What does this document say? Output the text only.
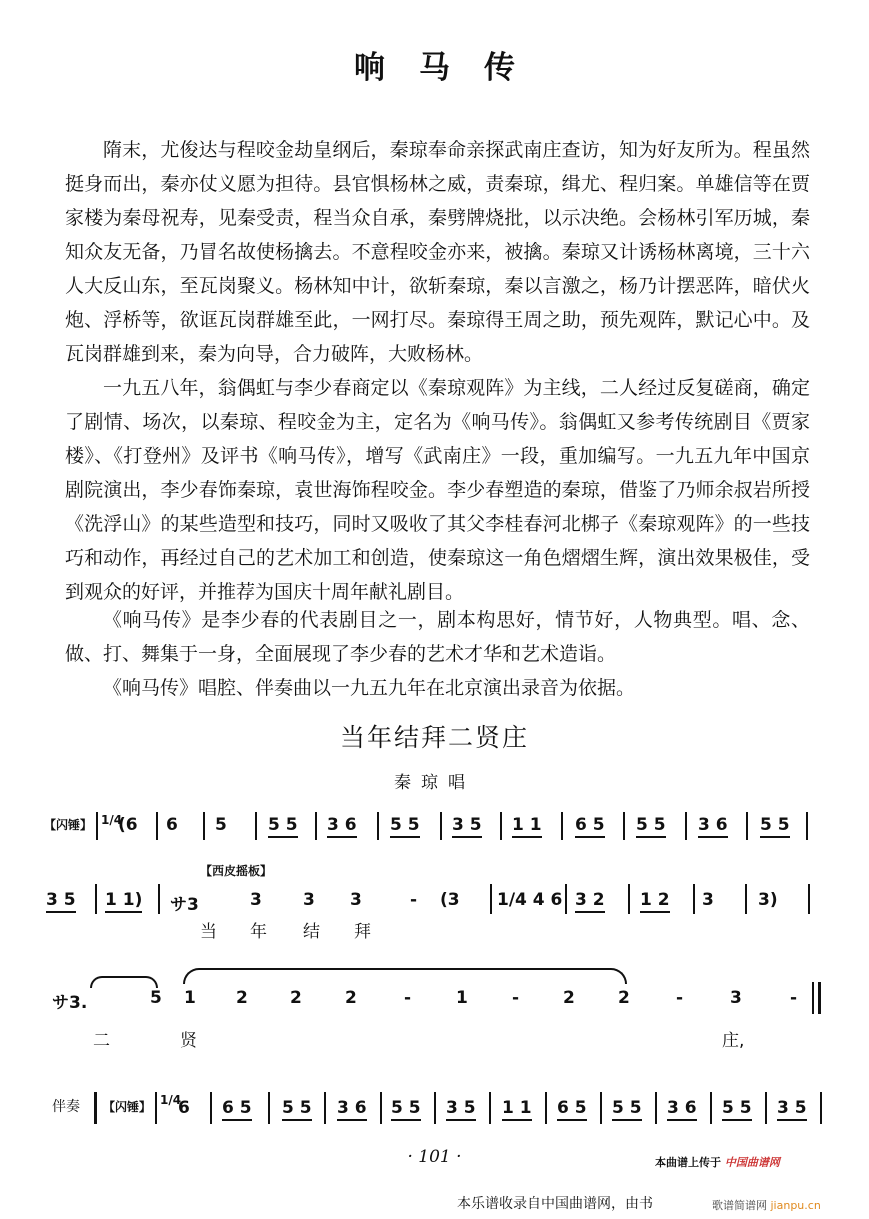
响马传

隋末，尤俊达与程咬金劫皇纲后，秦琼奉命亲探武南庄查访，知为好友所为。程虽然挺身而出，秦亦仗义愿为担待。县官惧杨林之威，责秦琼，缉尤、程归案。单雄信等在贾家楼为秦母祝寿，见秦受责，程当众自承，秦劈牌烧批，以示决绝。会杨林引军历城，秦知众友无备，乃冒名故使杨擒去。不意程咬金亦来，被擒。秦琼又计诱杨林离境，三十六人大反山东，至瓦岗聚义。杨林知中计，欲斩秦琼，秦以言激之，杨乃计摆恶阵，暗伏火炮、浮桥等，欲诓瓦岗群雄至此，一网打尽。秦琼得王周之助，预先观阵，默记心中。及瓦岗群雄到来，秦为向导，合力破阵，大败杨林。

一九五八年，翁偶虹与李少春商定以《秦琼观阵》为主线，二人经过反复磋商，确定了剧情、场次，以秦琼、程咬金为主，定名为《响马传》。翁偶虹又参考传统剧目《贾家楼》、《打登州》及评书《响马传》，增写《武南庄》一段，重加编写。一九五九年中国京剧院演出，李少春饰秦琼，袁世海饰程咬金。李少春塑造的秦琼，借鉴了乃师余叔岩所授《洗浮山》的某些造型和技巧，同时又吸收了其父李桂春河北梆子《秦琼观阵》的一些技巧和动作，再经过自己的艺术加工和创造，使秦琼这一角色熠熠生辉，演出效果极佳，受到观众的好评，并推荐为国庆十周年献礼剧目。

《响马传》是李少春的代表剧目之一，剧本构思好，情节好，人物典型。唱、念、做、打、舞集于一身，全面展现了李少春的艺术才华和艺术造诣。

《响马传》唱腔、伴奏曲以一九五九年在北京演出录音为依据。

当年结拜二贤庄
秦琼唱
【闪锤】 1/4
(6 6 5 5 5 3 6 5 5 3 5 1 1 6 5 5 5 3 6 5 5
【西皮摇板】
3 5 1 1) サ3	3 3 3	- (3 1/4 4 6 3 2 1 2 3	3)
当 年 结 拜
サ3.	5 1 2 2	2	-	1	-	2	2	-	3	-
二	贤	庄,
伴奏 【闪锤】 1/4
6 6 5 5 5 3 6 5 5 3 5 1 1 6 5 5 5 3 6 5 5 3 5
· 101 ·	本曲谱上传于 中国曲谱网
本乐谱收录自中国曲谱网，由书	歌谱简谱网 jianpu.cn
